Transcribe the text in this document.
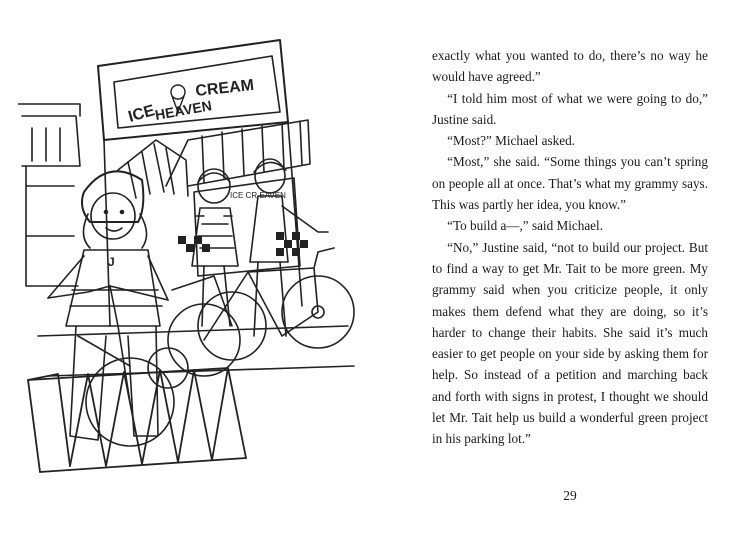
ICE
CREAM
HEAVEN
ICE CR EAVEN
J

exactly what you wanted to do, there’s no way he would have agreed.”

“I told him most of what we were going to do,” Justine said.

“Most?” Michael asked.

“Most,” she said. “Some things you can’t spring on people all at once. That’s what my grammy says. This was partly her idea, you know.”

“To build a—,” said Michael.

“No,” Justine said, “not to build our project. But to find a way to get Mr. Tait to be more green. My grammy said when you criticize people, it only makes them defend what they are doing, so it’s harder to change their habits. She said it’s much easier to get people on your side by asking them for help. So instead of a petition and marching back and forth with signs in protest, I thought we should let Mr. Tait help us build a wonderful green project in his parking lot.”

29
